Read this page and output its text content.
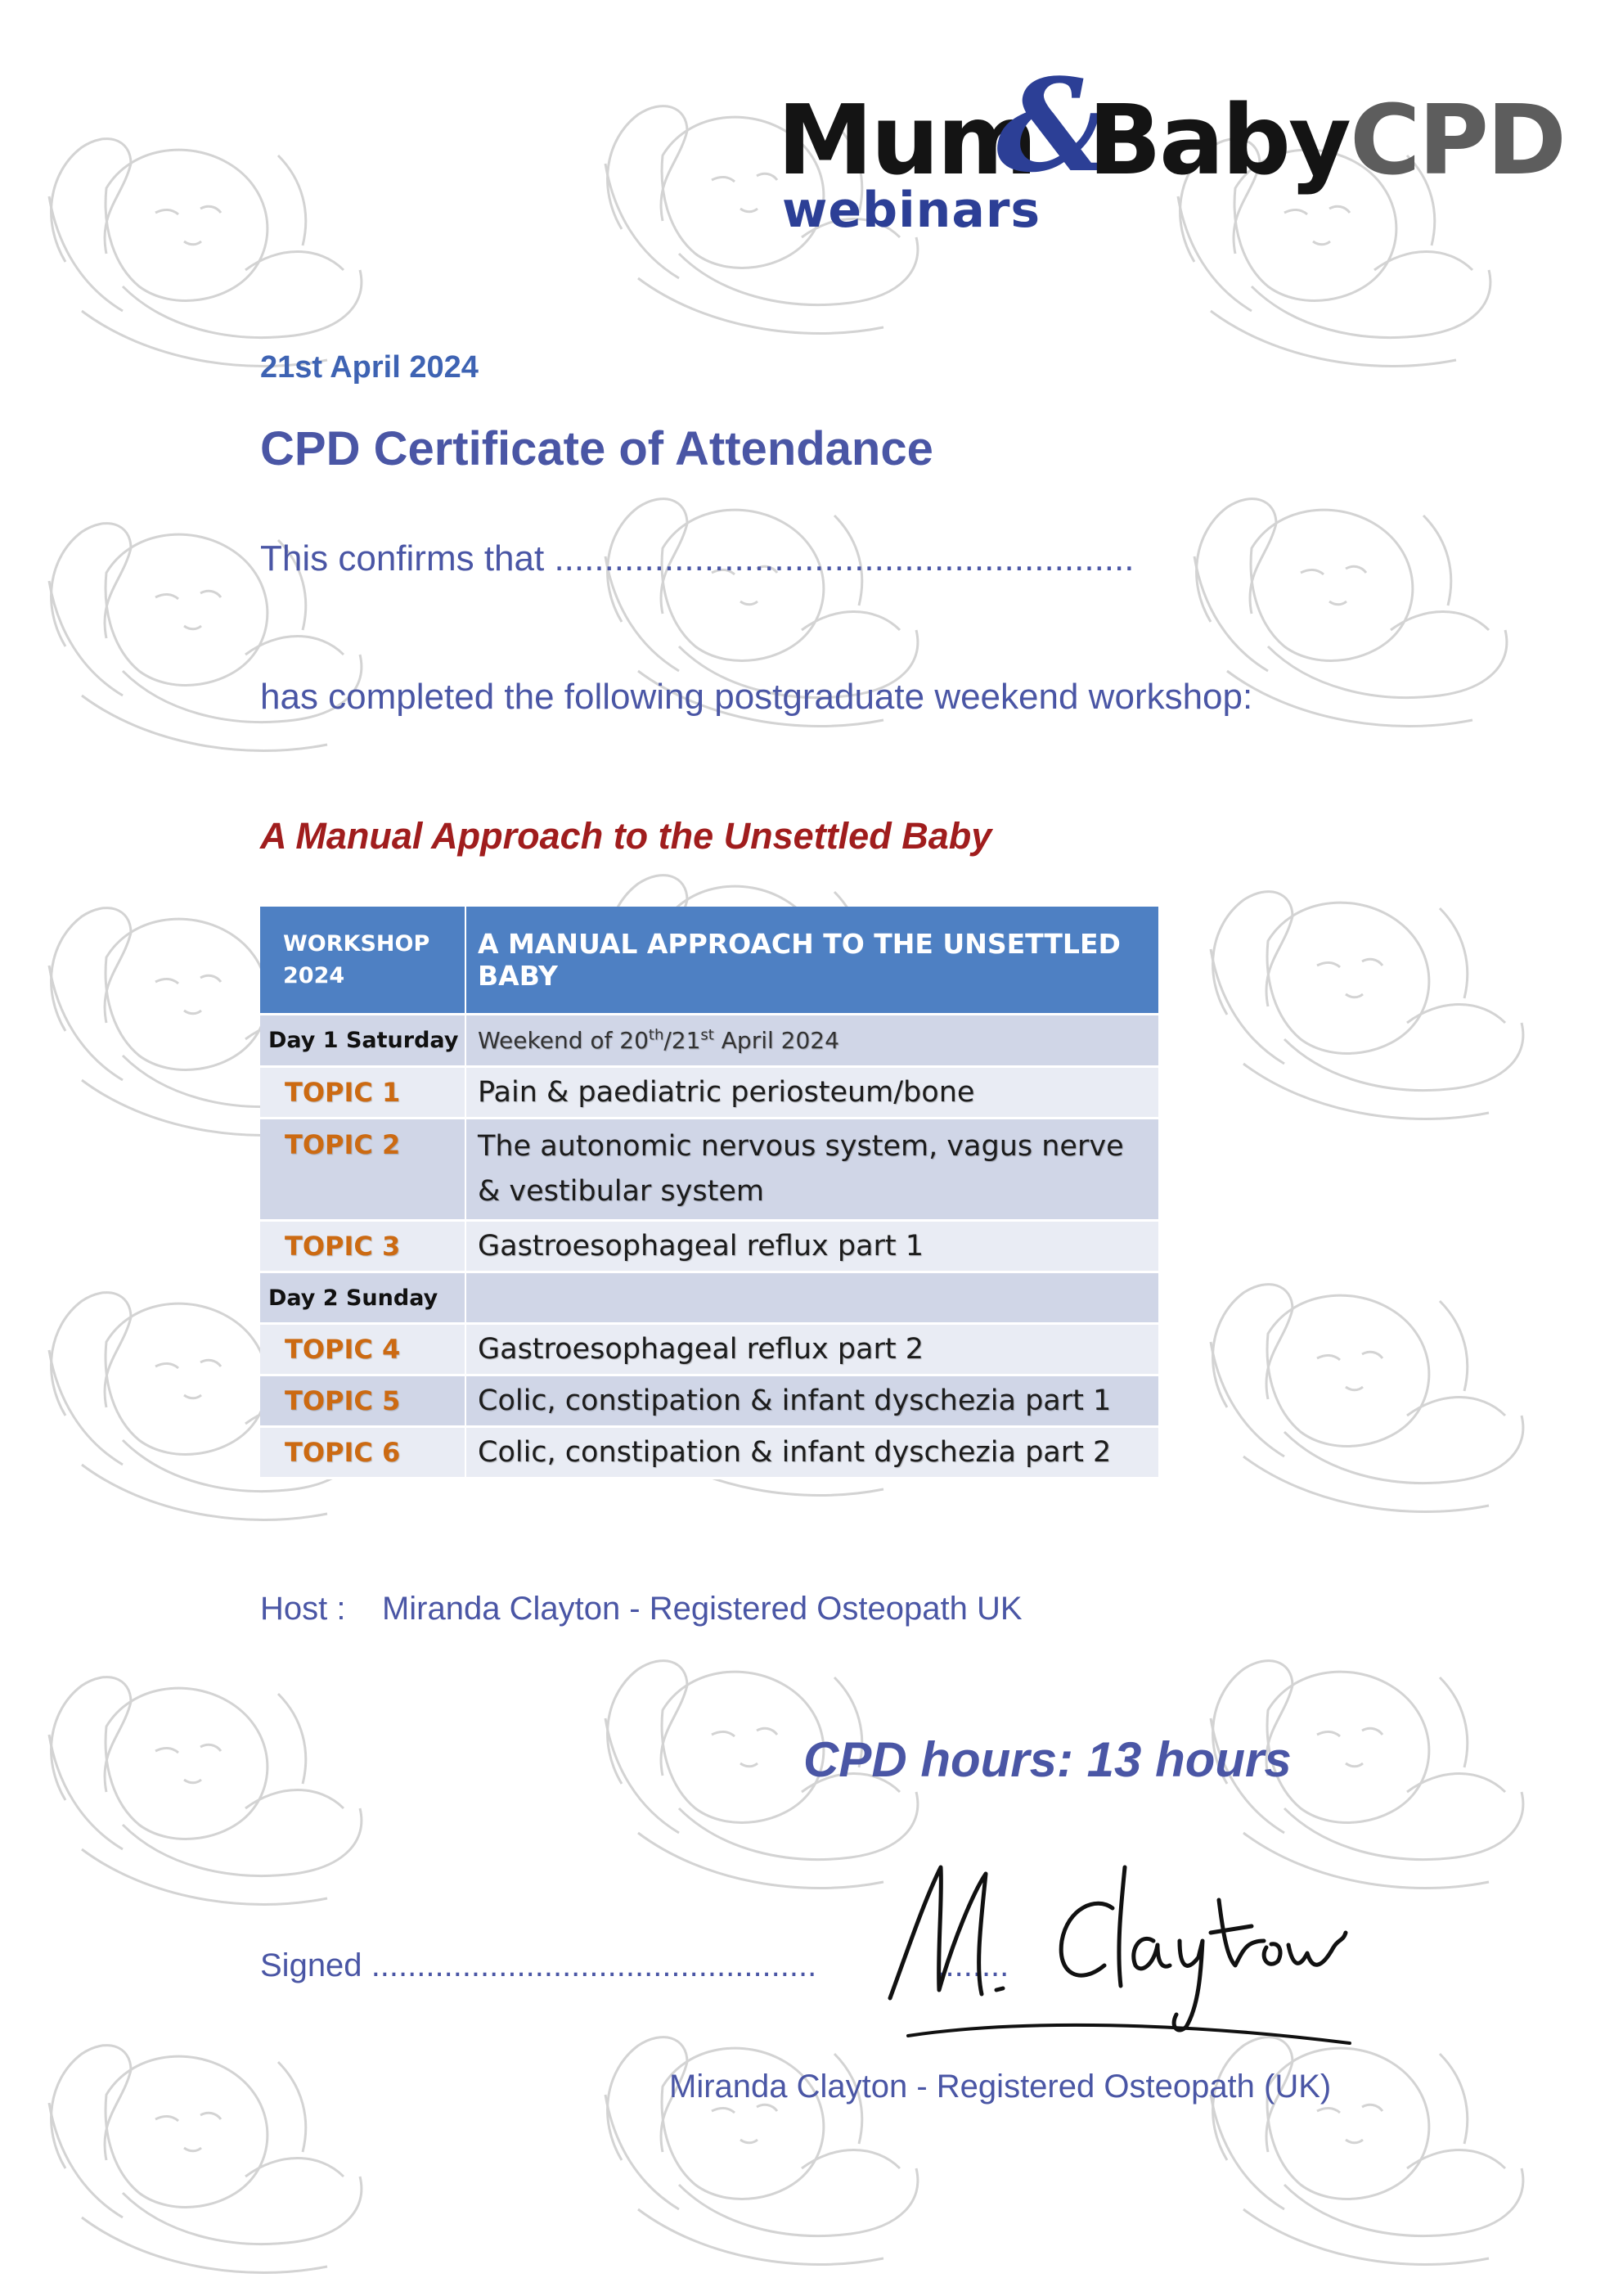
Mum
&
Baby CPD
webinars
21st April 2024
CPD Certificate of Attendance
This confirms that ..........................................................
has completed the following postgraduate weekend workshop:
A Manual Approach to the Unsettled Baby
WORKSHOP
2024	A MANUAL APPROACH TO THE UNSETTLED BABY
Day 1 Saturday	Weekend of 20th/21st April 2024
TOPIC 1	Pain & paediatric periosteum/bone
TOPIC 2	The autonomic nervous system, vagus nerve
& vestibular system
TOPIC 3	Gastroesophageal reflux part 1
Day 2 Sunday	
TOPIC 4	Gastroesophageal reflux part 2
TOPIC 5	Colic, constipation & infant dyschezia part 1
TOPIC 6	Colic, constipation & infant dyschezia part 2
Host : Miranda Clayton - Registered Osteopath UK
CPD hours: 13 hours
Signed .................................................	........
Miranda Clayton - Registered Osteopath (UK)
